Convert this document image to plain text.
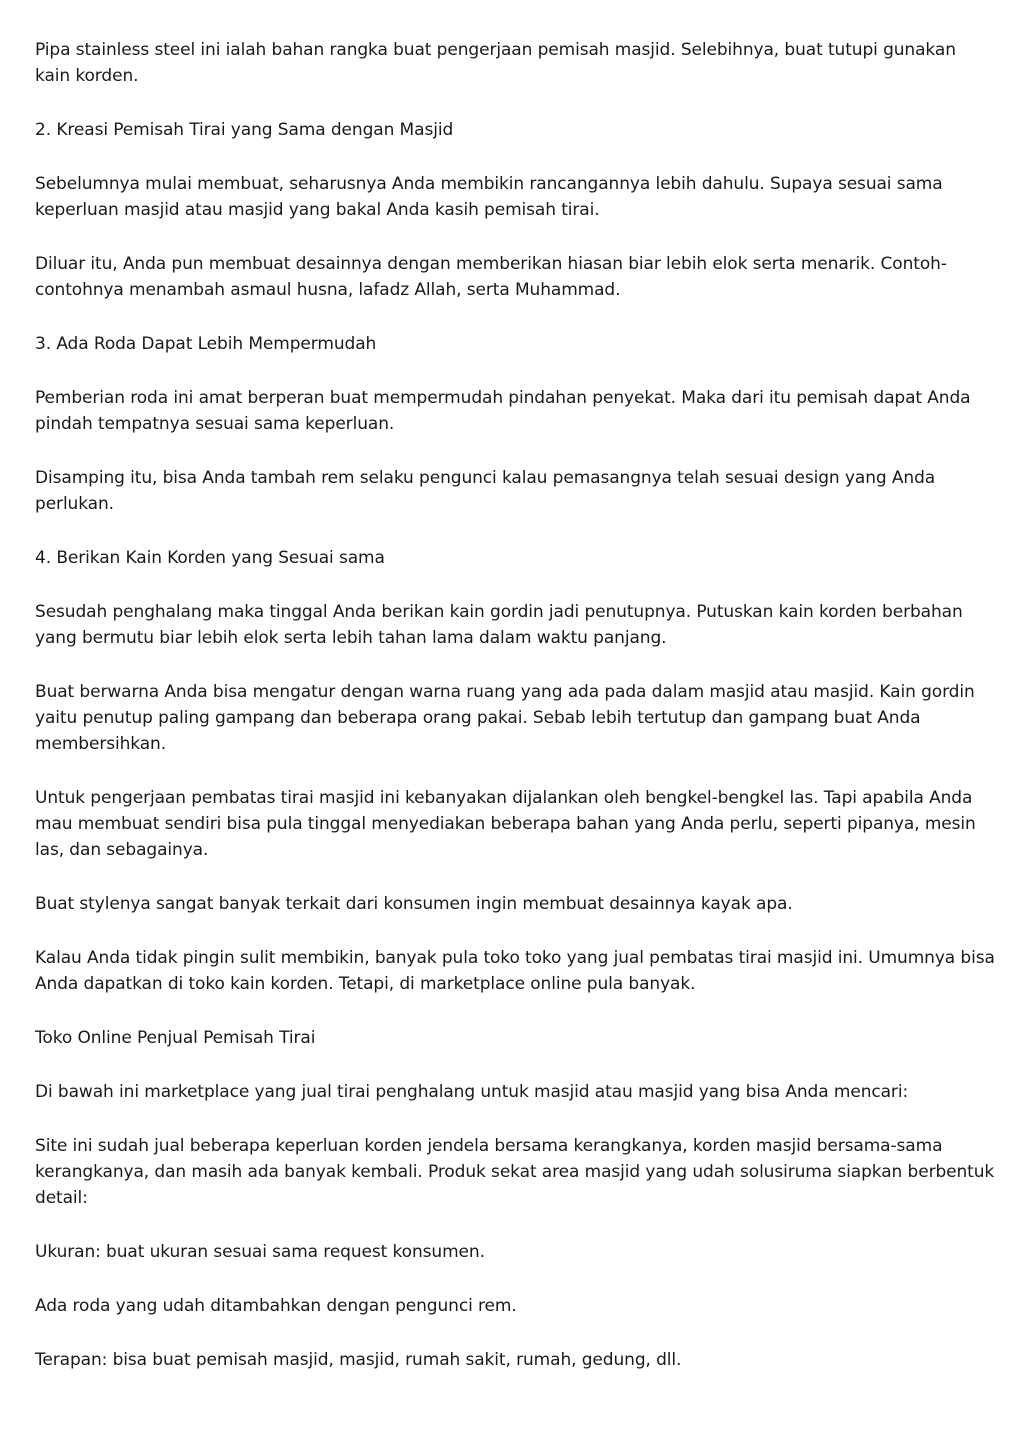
Pipa stainless steel ini ialah bahan rangka buat pengerjaan pemisah masjid. Selebihnya, buat tutupi gunakan kain korden.

2. Kreasi Pemisah Tirai yang Sama dengan Masjid

Sebelumnya mulai membuat, seharusnya Anda membikin rancangannya lebih dahulu. Supaya sesuai sama keperluan masjid atau masjid yang bakal Anda kasih pemisah tirai.

Diluar itu, Anda pun membuat desainnya dengan memberikan hiasan biar lebih elok serta menarik. Contoh-contohnya menambah asmaul husna, lafadz Allah, serta Muhammad.

3. Ada Roda Dapat Lebih Mempermudah

Pemberian roda ini amat berperan buat mempermudah pindahan penyekat. Maka dari itu pemisah dapat Anda pindah tempatnya sesuai sama keperluan.

Disamping itu, bisa Anda tambah rem selaku pengunci kalau pemasangnya telah sesuai design yang Anda perlukan.

4. Berikan Kain Korden yang Sesuai sama

Sesudah penghalang maka tinggal Anda berikan kain gordin jadi penutupnya. Putuskan kain korden berbahan yang bermutu biar lebih elok serta lebih tahan lama dalam waktu panjang.

Buat berwarna Anda bisa mengatur dengan warna ruang yang ada pada dalam masjid atau masjid. Kain gordin yaitu penutup paling gampang dan beberapa orang pakai. Sebab lebih tertutup dan gampang buat Anda membersihkan.

Untuk pengerjaan pembatas tirai masjid ini kebanyakan dijalankan oleh bengkel-bengkel las. Tapi apabila Anda mau membuat sendiri bisa pula tinggal menyediakan beberapa bahan yang Anda perlu, seperti pipanya, mesin las, dan sebagainya.

Buat stylenya sangat banyak terkait dari konsumen ingin membuat desainnya kayak apa.

Kalau Anda tidak pingin sulit membikin, banyak pula toko toko yang jual pembatas tirai masjid ini. Umumnya bisa Anda dapatkan di toko kain korden. Tetapi, di marketplace online pula banyak.

Toko Online Penjual Pemisah Tirai

Di bawah ini marketplace yang jual tirai penghalang untuk masjid atau masjid yang bisa Anda mencari:

Site ini sudah jual beberapa keperluan korden jendela bersama kerangkanya, korden masjid bersama-sama kerangkanya, dan masih ada banyak kembali. Produk sekat area masjid yang udah solusiruma siapkan berbentuk detail:

Ukuran: buat ukuran sesuai sama request konsumen.

Ada roda yang udah ditambahkan dengan pengunci rem.

Terapan: bisa buat pemisah masjid, masjid, rumah sakit, rumah, gedung, dll.
